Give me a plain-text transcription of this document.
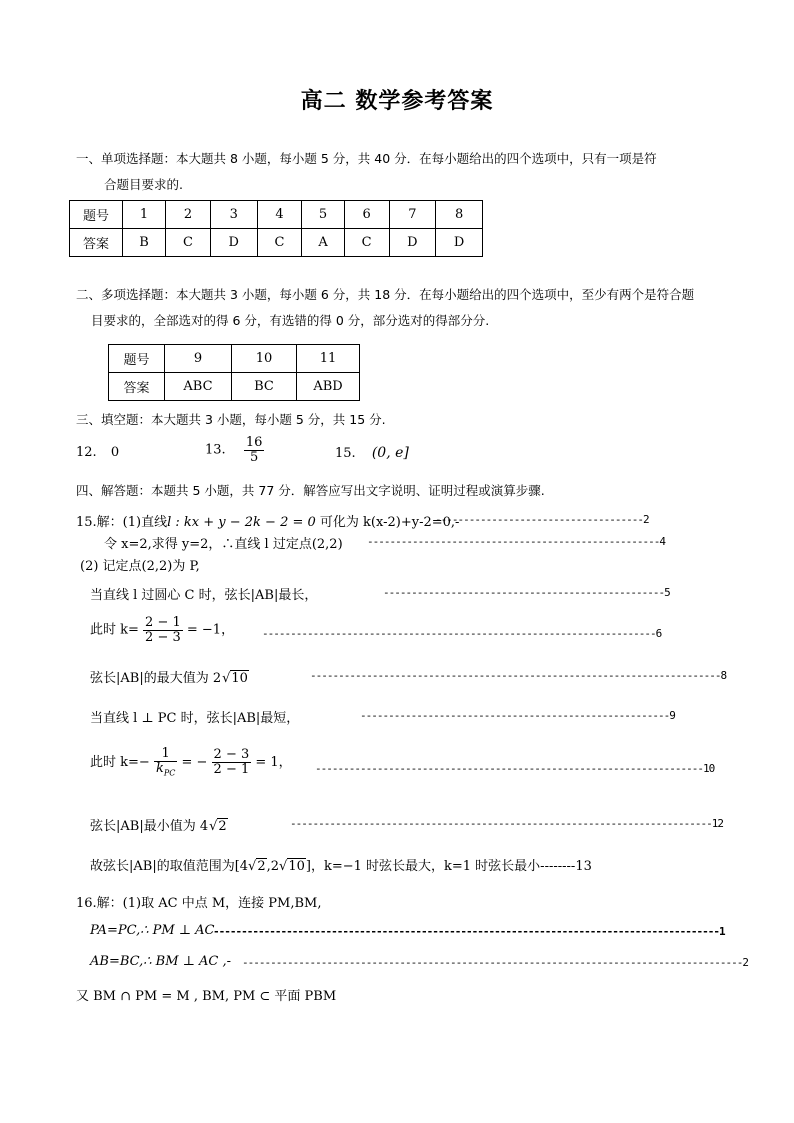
高二 数学参考答案
一、单项选择题：本大题共 8 小题，每小题 5 分，共 40 分．在每小题给出的四个选项中，只有一项是符
合题目要求的.
题号	1	2	3	4	5	6	7	8
答案	B	C	D	C	A	C	D	D
二、多项选择题：本大题共 3 小题，每小题 6 分，共 18 分．在每小题给出的四个选项中，至少有两个是符合题
目要求的，全部选对的得 6 分，有选错的得 0 分，部分选对的得部分分.
题号	9	10	11
答案	ABC	BC	ABD
三、填空题：本大题共 3 小题，每小题 5 分，共 15 分.
12. 0	13. $\frac{16}{5}$	15. (0, e]
四、解答题：本题共 5 小题，共 77 分．解答应写出文字说明、证明过程或演算步骤.
15.解：(1)直线l : kx + y − 2k − 2 = 0 可化为 k(x-2)+y-2=0,-
-------------------------------------2
令 x=2,求得 y=2，∴直线 l 过定点(2,2) ----------------------------------------------------4
(2) 记定点(2,2)为 P,
当直线 l 过圆心 C 时，弦长|AB|最长，	--------------------------------------------------5
此时 $k= \frac{2 - 1}{2 - 3} = -1$，	----------------------------------------------------------------------6
弦长|AB|的最大值为 2√10	-------------------------------------------------------------------------8
当直线 l ⊥ PC 时，弦长|AB|最短，	-------------------------------------------------------9
此时 $k=- \frac{1}{k_{PC}}$ = − $\frac{2 - 3}{2 - 1} = 1$， ---------------------------------------------------------------------10
弦长|AB|最小值为 4√2	---------------------------------------------------------------------------12
故弦长|AB|的取值范围为[4√2,2√10]，k=−1 时弦长最大，k=1 时弦长最小--------13
16.解：(1)取 AC 中点 M，连接 PM,BM,
PA=PC,∴ PM ⊥ AC
------------------------------------------------------------------------------------------1
AB=BC,∴ BM ⊥ AC ,- -----------------------------------------------------------------------------------------2
又 BM ∩ PM = M , BM, PM ⊂ 平面 PBM
